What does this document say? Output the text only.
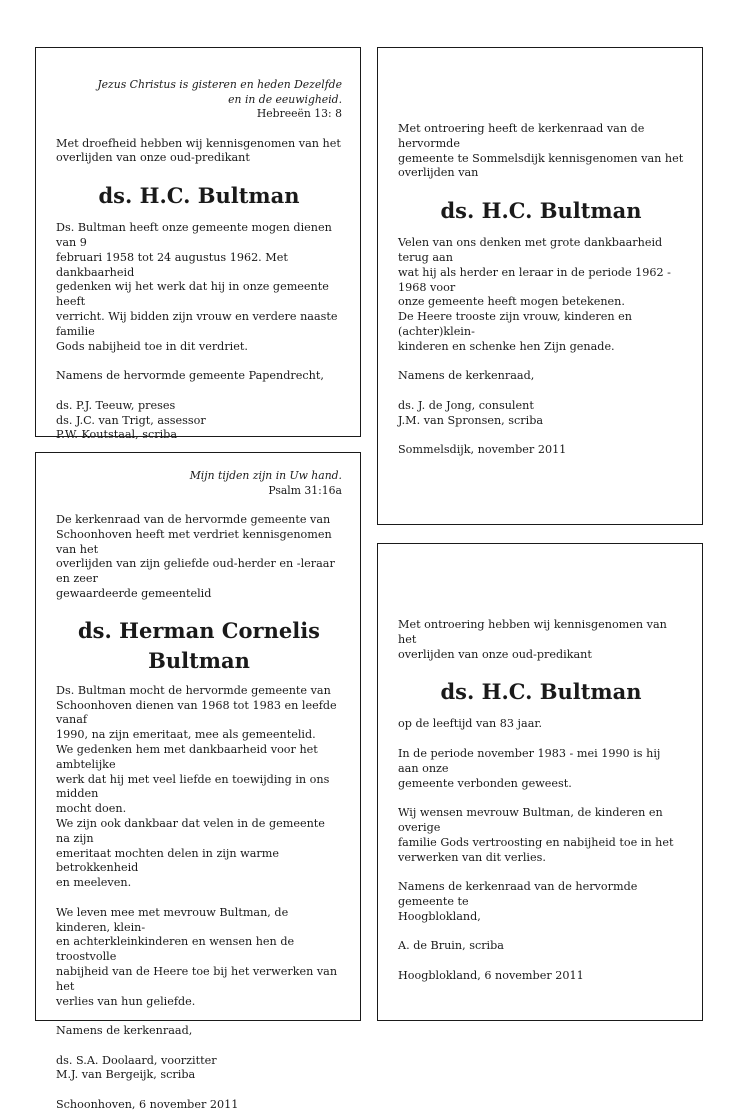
Jezus Christus is gisteren en heden Dezelfde
en in de eeuwigheid.
Hebreeën 13: 8

Met droefheid hebben wij kennisgenomen van het
overlijden van onze oud-predikant

ds. H.C. Bultman

Ds. Bultman heeft onze gemeente mogen dienen van 9
februari 1958 tot 24 augustus 1962. Met dankbaarheid
gedenken wij het werk dat hij in onze gemeente heeft
verricht. Wij bidden zijn vrouw en verdere naaste familie
Gods nabijheid toe in dit verdriet.

Namens de hervormde gemeente Papendrecht,

ds. P.J. Teeuw, preses
ds. J.C. van Trigt, assessor
P.W. Koutstaal, scriba

Met ontroering heeft de kerkenraad van de hervormde
gemeente te Sommelsdijk kennisgenomen van het
overlijden van

ds. H.C. Bultman

Velen van ons denken met grote dankbaarheid terug aan
wat hij als herder en leraar in de periode 1962 - 1968 voor
onze gemeente heeft mogen betekenen.
De Heere trooste zijn vrouw, kinderen en (achter)klein-
kinderen en schenke hen Zijn genade.

Namens de kerkenraad,

ds. J. de Jong, consulent
J.M. van Spronsen, scriba

Sommelsdijk, november 2011

Mijn tijden zijn in Uw hand.
Psalm 31:16a

De kerkenraad van de hervormde gemeente van
Schoonhoven heeft met verdriet kennisgenomen van het
overlijden van zijn geliefde oud-herder en -leraar en zeer
gewaardeerde gemeentelid

ds. Herman Cornelis
Bultman

Ds. Bultman mocht de hervormde gemeente van
Schoonhoven dienen van 1968 tot 1983 en leefde vanaf
1990, na zijn emeritaat, mee als gemeentelid.
We gedenken hem met dankbaarheid voor het ambtelijke
werk dat hij met veel liefde en toewijding in ons midden
mocht doen.
We zijn ook dankbaar dat velen in de gemeente na zijn
emeritaat mochten delen in zijn warme betrokkenheid
en meeleven.

We leven mee met mevrouw Bultman, de kinderen, klein-
en achterkleinkinderen en wensen hen de troostvolle
nabijheid van de Heere toe bij het verwerken van het
verlies van hun geliefde.

Namens de kerkenraad,

ds. S.A. Doolaard, voorzitter
M.J. van Bergeijk, scriba

Schoonhoven, 6 november 2011

Met ontroering hebben wij kennisgenomen van het
overlijden van onze oud-predikant

ds. H.C. Bultman

op de leeftijd van 83 jaar.

In de periode november 1983 - mei 1990 is hij aan onze
gemeente verbonden geweest.

Wij wensen mevrouw Bultman, de kinderen en overige
familie Gods vertroosting en nabijheid toe in het
verwerken van dit verlies.

Namens de kerkenraad van de hervormde gemeente te
Hoogblokland,

A. de Bruin, scriba

Hoogblokland, 6 november 2011
